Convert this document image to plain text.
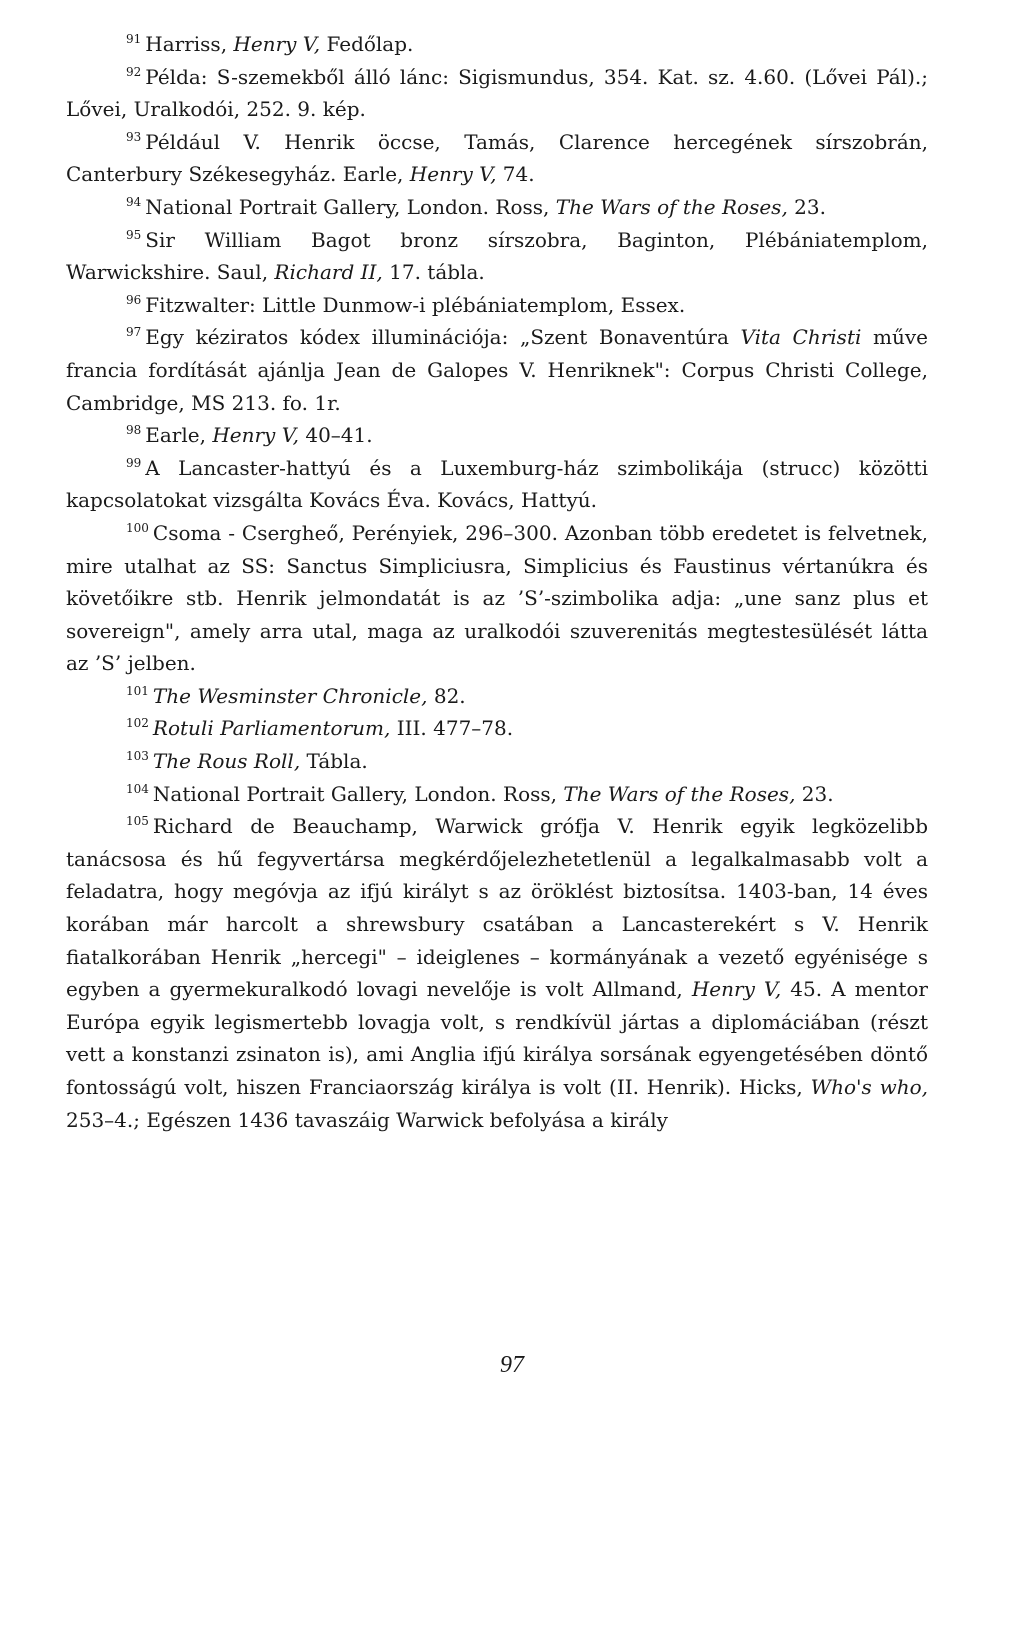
$^{91}$ Harriss, Henry V, Fedőlap.

$^{92}$ Példa: S-szemekből álló lánc: Sigismundus, 354. Kat. sz. 4.60. (Lővei Pál).; Lővei, Uralkodói, 252. 9. kép.

$^{93}$ Például V. Henrik öccse, Tamás, Clarence hercegének sírszobrán, Canterbury Székesegyház. Earle, Henry V, 74.

$^{94}$ National Portrait Gallery, London. Ross, The Wars of the Roses, 23.

$^{95}$ Sir William Bagot bronz sírszobra, Baginton, Plébániatemplom, Warwickshire. Saul, Richard II, 17. tábla.

$^{96}$ Fitzwalter: Little Dunmow-i plébániatemplom, Essex.

$^{97}$ Egy kéziratos kódex illuminációja: „Szent Bonaventúra Vita Christi műve francia fordítását ajánlja Jean de Galopes V. Henriknek": Corpus Christi College, Cambridge, MS 213. fo. 1r.

$^{98}$ Earle, Henry V, 40–41.

$^{99}$ A Lancaster-hattyú és a Luxemburg-ház szimbolikája (strucc) közötti kapcsolatokat vizsgálta Kovács Éva. Kovács, Hattyú.

$^{100}$ Csoma - Cserghеő, Perényiek, 296–300. Azonban több eredetet is felvetnek, mire utalhat az SS: Sanctus Simpliciusra, Simplicius és Faustinus vértanúkra és követőikre stb. Henrik jelmondatát is az ’S’-szimbolika adja: „une sanz plus et sovereign", amely arra utal, maga az uralkodói szuverenitás megtestesülését látta az ’S’ jelben.

$^{101}$ The Wesminster Chronicle, 82.

$^{102}$ Rotuli Parliamentorum, III. 477–78.

$^{103}$ The Rous Roll, Tábla.

$^{104}$ National Portrait Gallery, London. Ross, The Wars of the Roses, 23.

$^{105}$ Richard de Beauchamp, Warwick grófja V. Henrik egyik legközelibb tanácsosa és hű fegyvertársa megkérdőjelezhetetlenül a legalkalmasabb volt a feladatra, hogy megóvja az ifjú királyt s az öröklést biztosítsa. 1403-ban, 14 éves korában már harcolt a shrewsbury csatában a Lancasterekért s V. Henrik fiatalkorában Henrik „hercegi" – ideiglenes – kormányának a vezető egyénisége s egyben a gyermekuralkodó lovagi nevelője is volt Allmand, Henry V, 45. A mentor Európa egyik legismertebb lovagja volt, s rendkívül jártas a diplomáciában (részt vett a konstanzi zsinaton is), ami Anglia ifjú királya sorsának egyengetésében döntő fontosságú volt, hiszen Franciaország királya is volt (II. Henrik). Hicks, Who's who, 253–4.; Egészen 1436 tavaszáig Warwick befolyása a király

97
